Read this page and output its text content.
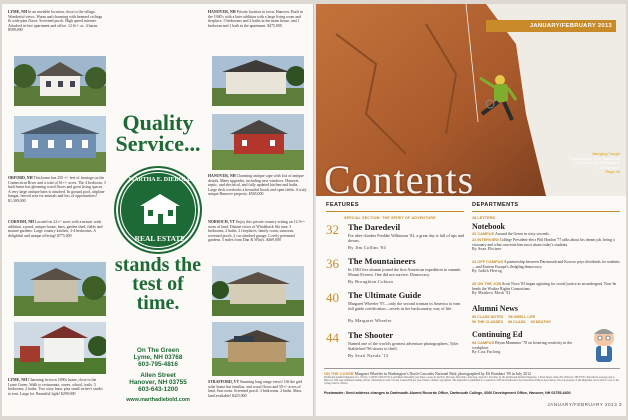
LYME, NH In an enviable location, close to the village. Wonderful views. Warm and charming with beamed ceilings & wide pine floors. Screened porch. High speed internet. Attached in-law apartment and office. 12.6+/- ac. 4 barns. $599,000
ORFORD, NH This home has 250 +/- feet of frontage on the Connecticut River and a total of 61+/- acres. The 4 bedroom, 3 bath home has gleaming wood floors and great living spaces. A very large antique barn is attached. In ground pool, airplane hangar, fenced area for animals and lots of opportunities! $1,300,000
CORNISH, NH Located on 22+/- acres with a master wide addition, a pond, unique house, barn, garden shed, fields and mature gardens. Large country kitchen, 3-4 bedrooms. A delightful and unique offering! $775,000
LYME, NH Charming in-town 1800s home, close to the Lyme Green. Walk to restaurants, stores, school, trails. 5 bedrooms, 2 baths. Two story barn, plus small writer's studio to rent. Large lot. Beautiful light! $299,000
Quality Service...
MARTHA E. DIEBOLD
REAL ESTATE
stands the test of time.
On The Green
Lyme, NH 03768
603-795-4816
Allen Street
Hanover, NH 03755
603-643-1200
www.marthadiebold.com
HANOVER, NH Private location in town. Hanover. Built in the 1940's with a later addition with a large living room and fireplace. 5 bedrooms and 2 baths in the main house, and 1 bedroom and 1 bath in the apartment. $475,000
HANOVER, NH Charming antique cape with lots of antique details. Many upgrades, including new windows. Hanover, septic, and electrical, and fully updated kitchen and baths. Large deck overlooks a beautiful brook and open fields. A truly unique Hanover property. $565,000
NORWICH, VT Enjoy this private country setting on 12.9+/- acres of land. Distant views of Whaleback Ski area. 3 bedrooms, 2 baths, 2 fireplaces, family room, sunroom, screened porch, 2 car attached garage. Lovely perennial gardens. 5 miles from Dan & Whit's. $469,000
STRAFFORD, VT Stunning long range views! Off the grid solar home but familiar, and wood floors and 50+/- acres of land. Sun room. Screened porch. 3 bedrooms, 2 baths. Mass land available! $425,000
JANUARY/FEBRUARY 2013
Contents
Hanging Tough
Photographer Tyler Stableford '96 goes to great lengths to get the shot.
Page 44
FEATURES	DEPARTMENTS
SPECIAL SECTION: THE SPIRIT OF ADVENTURE
32 The Daredevil
For uber climber Freddie Wilkinson '03, a great day is full of ups and downs.
By Jim Collins '84
36 The Mountaineers
In 1963 five alumni joined the first American expedition to summit Mount Everest. One did not survive. Democracy.
By Broughton Coburn
40 The Ultimate Guide
Margaret Wheeler '97—only the second woman in America to earn full guide certification—revels in her backcountry way of life.
By Margaret Wheeler
44 The Shooter
Named one of the world's greatest adventure photographers, Tyler Stableford '96 shoots to thrill.
By Svati Narula '13
18 LETTERS
Notebook
20 CAMPUS Around the Green in sixty seconds
22 INTERVIEW College President-elect Phil Hanlon '77 talks about his dream job, being a visionary and what concerns him most about today's students.
By Sean Plottner
24 OFF CAMPUS A partnership between Dartmouth and Kosovo pays dividends for students—and Eastern Europe's fledgling democracy.
By Judith Hertog
26 ON THE JOB Scott Nova '83 began agitating for social justice as an undergrad. Now he heads the Worker Rights Consortium.
By Matthew Mosk '92
Alumni News
50 CLASS NOTES 58 SWELL LIFE
59 THE CLASSES 68 CLASS 80 DEATHS
Continuing Ed
94 CAMPUS Bryan Marmmor '78 on fostering creativity in the workplace.
By Lisa Furlong
ON THE COVER Margaret Wheeler in Washington's North Cascades National Park, photographed by Eli Bombaci '09 in July 2012
Dartmouth Alumni Magazine Vol. 105 No. 3 (ISSN 0199-6770) is published bimonthly (six times a year) in Jan/Feb, Mar/Apr, May/June, July/Aug, Sept/Oct, Nov/Dec by the Dartmouth Alumni Magazine, 7 Allen Street, Suite 201, Hanover, NH 03755. Periodicals postage paid at Hanover, NH, and additional mailing offices. Subscription rates: US and Canada $30 per year. Entire contents copyrighted. The magazine is published in cooperation with the Dartmouth Class Newsletter Editors Association. The sole purpose of the Magazine are its editors' own or the college and its officers.
Postmaster: Send address changes to Dartmouth Alumni Records Office, Dartmouth College, 6066 Development Office, Hanover, NH 03755-4400.
JANUARY/FEBRUARY 2013 3
